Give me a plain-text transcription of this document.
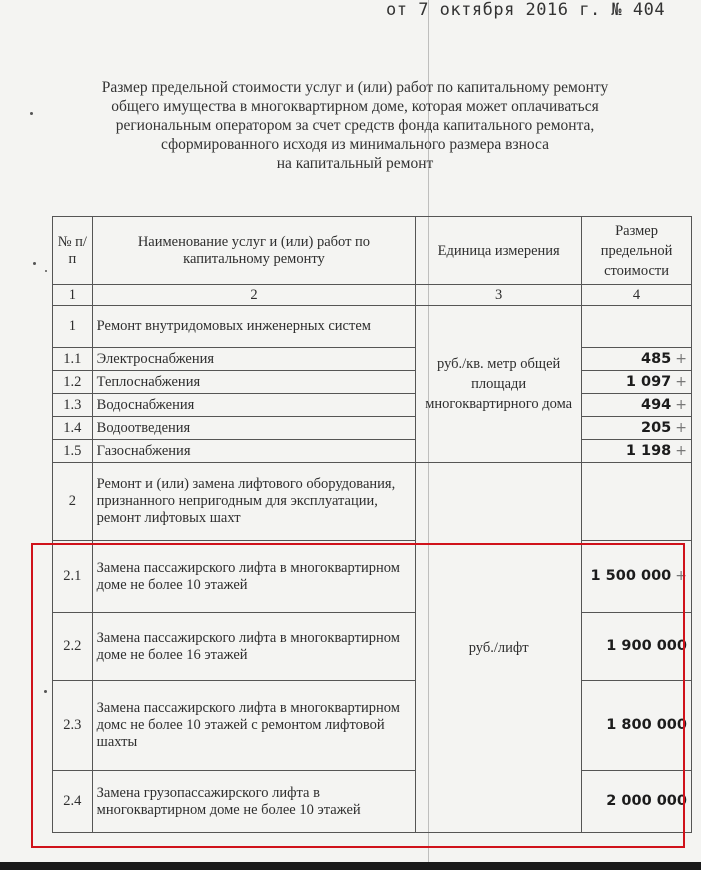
от 7 октября 2016 г. № 404
Размер предельной стоимости услуг и (или) работ по капитальному ремонту
общего имущества в многоквартирном доме, которая может оплачиваться
региональным оператором за счет средств фонда капитального ремонта,
сформированного исходя из минимального размера взноса
на капитальный ремонт
№ п/п	Наименование услуг и (или) работ по капитальному ремонту	Единица измерения	Размер предельной стоимости
1	2	3	4
1	Ремонт внутридомовых инженерных систем	руб./кв. метр общей площади многоквартирного дома	
1.1	Электроснабжения		485 +
1.2	Теплоснабжения		1 097 +
1.3	Водоснабжения		494 +
1.4	Водоотведения		205 +
1.5	Газоснабжения		1 198 +
2	Ремонт и (или) замена лифтового оборудования, признанного непригодным для эксплуатации, ремонт лифтовых шахт	руб./лифт	
2.1	Замена пассажирского лифта в многоквартирном доме не более 10 этажей		1 500 000 +
2.2	Замена пассажирского лифта в многоквартирном доме не более 16 этажей		1 900 000
2.3	Замена пассажирского лифта в многоквартирном домс не более 10 этажей с ремонтом лифтовой шахты		1 800 000
2.4	Замена грузопассажирского лифта в многоквартирном доме не более 10 этажей		2 000 000
